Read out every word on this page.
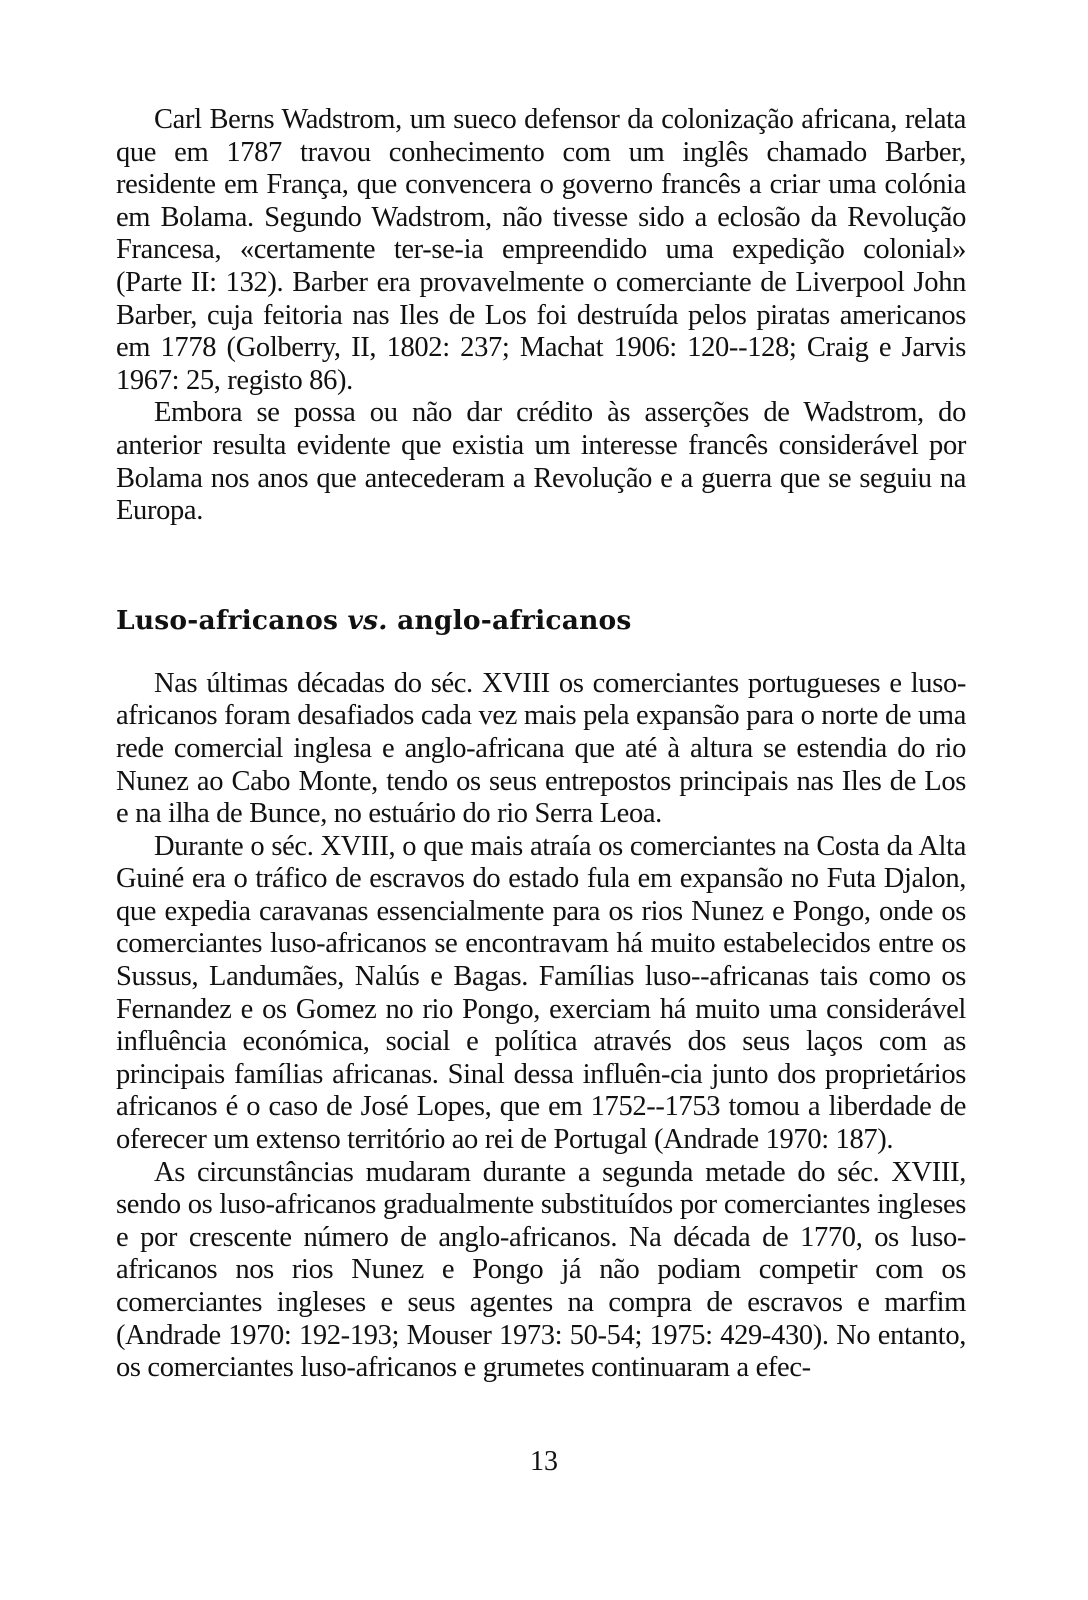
Carl Berns Wadstrom, um sueco defensor da colonização africana, relata que em 1787 travou conhecimento com um inglês chamado Barber, residente em França, que convencera o governo francês a criar uma colónia em Bolama. Segundo Wadstrom, não tivesse sido a eclosão da Revolução Francesa, «certamente ter-se-ia empreendido uma expedição colonial» (Parte II: 132). Barber era provavelmente o comerciante de Liverpool John Barber, cuja feitoria nas Iles de Los foi destruída pelos piratas americanos em 1778 (Golberry, II, 1802: 237; Machat 1906: 120--128; Craig e Jarvis 1967: 25, registo 86).

Embora se possa ou não dar crédito às asserções de Wadstrom, do anterior resulta evidente que existia um interesse francês considerável por Bolama nos anos que antecederam a Revolução e a guerra que se seguiu na Europa.

Luso-africanos vs. anglo-africanos

Nas últimas décadas do séc. XVIII os comerciantes portugueses e luso-africanos foram desafiados cada vez mais pela expansão para o norte de uma rede comercial inglesa e anglo-africana que até à altura se estendia do rio Nunez ao Cabo Monte, tendo os seus entrepostos principais nas Iles de Los e na ilha de Bunce, no estuário do rio Serra Leoa.

Durante o séc. XVIII, o que mais atraía os comerciantes na Costa da Alta Guiné era o tráfico de escravos do estado fula em expansão no Futa Djalon, que expedia caravanas essencialmente para os rios Nunez e Pongo, onde os comerciantes luso-africanos se encontravam há muito estabelecidos entre os Sussus, Landumães, Nalús e Bagas. Famílias luso--africanas tais como os Fernandez e os Gomez no rio Pongo, exerciam há muito uma considerável influência económica, social e política através dos seus laços com as principais famílias africanas. Sinal dessa influên-cia junto dos proprietários africanos é o caso de José Lopes, que em 1752--1753 tomou a liberdade de oferecer um extenso território ao rei de Portugal (Andrade 1970: 187).

As circunstâncias mudaram durante a segunda metade do séc. XVIII, sendo os luso-africanos gradualmente substituídos por comerciantes ingleses e por crescente número de anglo-africanos. Na década de 1770, os luso-africanos nos rios Nunez e Pongo já não podiam competir com os comerciantes ingleses e seus agentes na compra de escravos e marfim (Andrade 1970: 192-193; Mouser 1973: 50-54; 1975: 429-430). No entanto, os comerciantes luso-africanos e grumetes continuaram a efec-

13
